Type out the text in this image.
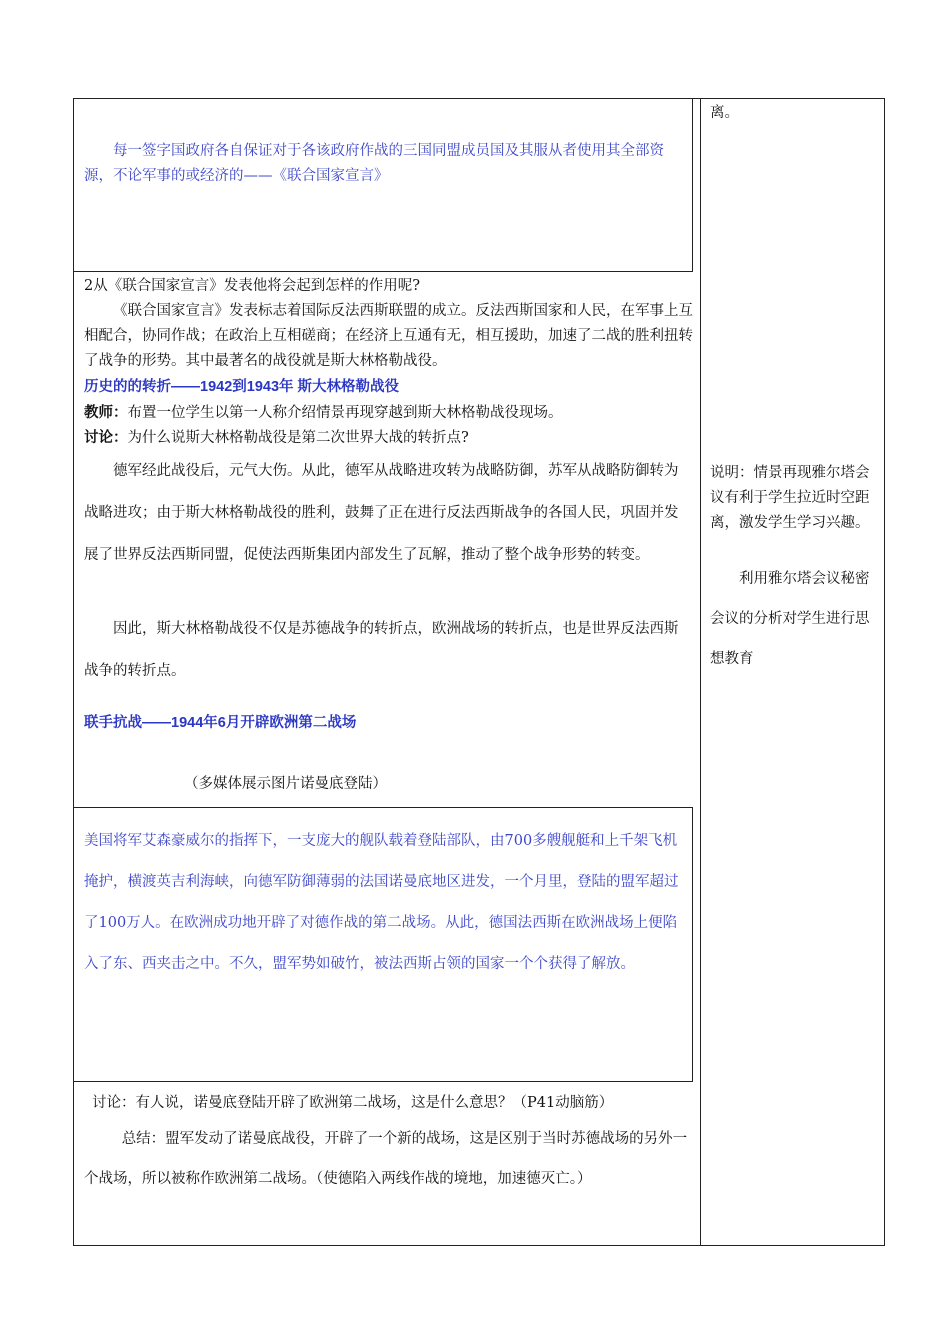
每一签字国政府各自保证对于各该政府作战的三国同盟成员国及其服从者使用其全部资源，不论军事的或经济的——《联合国家宣言》

2从《联合国家宣言》发表他将会起到怎样的作用呢?

《联合国家宣言》发表标志着国际反法西斯联盟的成立。反法西斯国家和人民，在军事上互相配合，协同作战；在政治上互相磋商；在经济上互通有无，相互援助，加速了二战的胜利扭转了战争的形势。其中最著名的战役就是斯大林格勒战役。

历史的的转折——1942到1943年 斯大林格勒战役

教师：布置一位学生以第一人称介绍情景再现穿越到斯大林格勒战役现场。

讨论：为什么说斯大林格勒战役是第二次世界大战的转折点?

德军经此战役后，元气大伤。从此，德军从战略进攻转为战略防御，苏军从战略防御转为战略进攻；由于斯大林格勒战役的胜利，鼓舞了正在进行反法西斯战争的各国人民，巩固并发展了世界反法西斯同盟，促使法西斯集团内部发生了瓦解，推动了整个战争形势的转变。

因此，斯大林格勒战役不仅是苏德战争的转折点，欧洲战场的转折点，也是世界反法西斯战争的转折点。

联手抗战——1944年6月开辟欧洲第二战场

（多媒体展示图片诺曼底登陆）

美国将军艾森豪威尔的指挥下，一支庞大的舰队载着登陆部队，由700多艘舰艇和上千架飞机掩护，横渡英吉利海峡，向德军防御薄弱的法国诺曼底地区进发，一个月里，登陆的盟军超过了100万人。在欧洲成功地开辟了对德作战的第二战场。从此，德国法西斯在欧洲战场上便陷入了东、西夹击之中。不久，盟军势如破竹，被法西斯占领的国家一个个获得了解放。

讨论：有人说，诺曼底登陆开辟了欧洲第二战场，这是什么意思？（P41动脑筋）

总结：盟军发动了诺曼底战役，开辟了一个新的战场，这是区别于当时苏德战场的另外一个战场，所以被称作欧洲第二战场。（使德陷入两线作战的境地，加速德灭亡。）

离。
说明：情景再现雅尔塔会议有利于学生拉近时空距离，激发学生学习兴趣。
利用雅尔塔会议秘密会议的分析对学生进行思想教育
